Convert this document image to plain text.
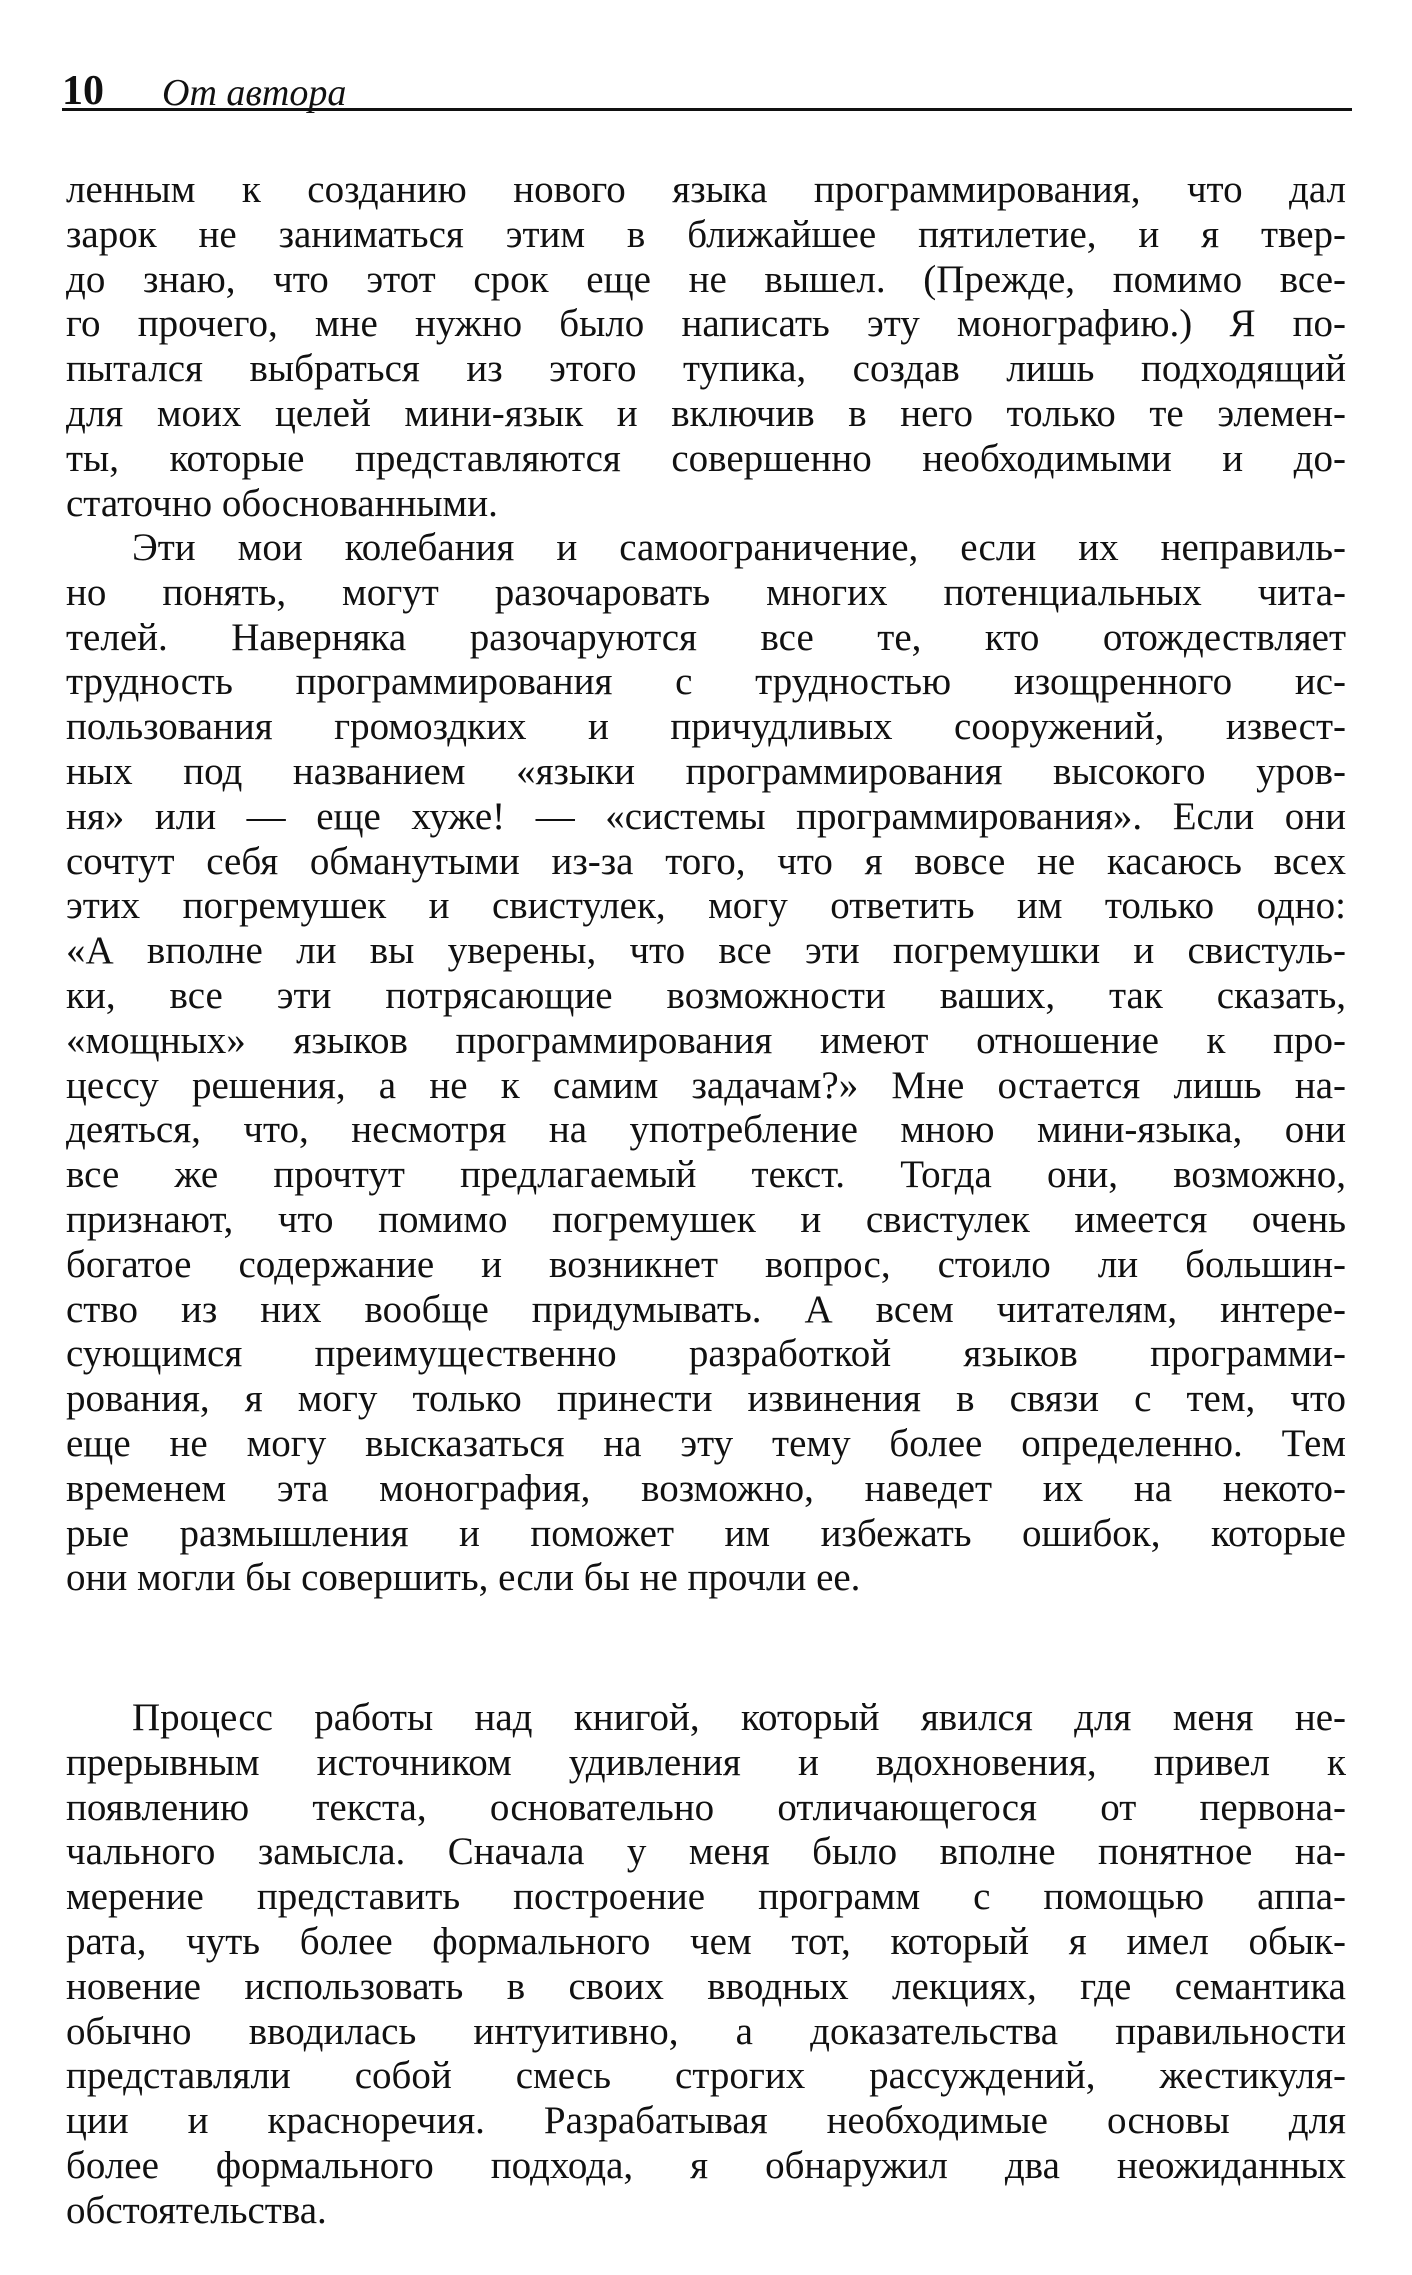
10 От автора
ленным к созданию нового языка программирования, что дал
зарок не заниматься этим в ближайшее пятилетие, и я твер-
до знаю, что этот срок еще не вышел. (Прежде, помимо все-
го прочего, мне нужно было написать эту монографию.) Я по-
пытался выбраться из этого тупика, создав лишь подходящий
для моих целей мини-язык и включив в него только те элемен-
ты, которые представляются совершенно необходимыми и до-
статочно обоснованными.
Эти мои колебания и самоограничение, если их неправиль-
но понять, могут разочаровать многих потенциальных чита-
телей. Наверняка разочаруются все те, кто отождествляет
трудность программирования с трудностью изощренного ис-
пользования громоздких и причудливых сооружений, извест-
ных под названием «языки программирования высокого уров-
ня» или — еще хуже! — «системы программирования». Если они
сочтут себя обманутыми из-за того, что я вовсе не касаюсь всех
этих погремушек и свистулек, могу ответить им только одно:
«А вполне ли вы уверены, что все эти погремушки и свистуль-
ки, все эти потрясающие возможности ваших, так сказать,
«мощных» языков программирования имеют отношение к про-
цессу решения, а не к самим задачам?» Мне остается лишь на-
деяться, что, несмотря на употребление мною мини-языка, они
все же прочтут предлагаемый текст. Тогда они, возможно,
признают, что помимо погремушек и свистулек имеется очень
богатое содержание и возникнет вопрос, стоило ли большин-
ство из них вообще придумывать. А всем читателям, интере-
сующимся преимущественно разработкой языков программи-
рования, я могу только принести извинения в связи с тем, что
еще не могу высказаться на эту тему более определенно. Тем
временем эта монография, возможно, наведет их на некото-
рые размышления и поможет им избежать ошибок, которые
они могли бы совершить, если бы не прочли ее.
Процесс работы над книгой, который явился для меня не-
прерывным источником удивления и вдохновения, привел к
появлению текста, основательно отличающегося от первона-
чального замысла. Сначала у меня было вполне понятное на-
мерение представить построение программ с помощью аппа-
рата, чуть более формального чем тот, который я имел обык-
новение использовать в своих вводных лекциях, где семантика
обычно вводилась интуитивно, а доказательства правильности
представляли собой смесь строгих рассуждений, жестикуля-
ции и красноречия. Разрабатывая необходимые основы для
более формального подхода, я обнаружил два неожиданных
обстоятельства.
